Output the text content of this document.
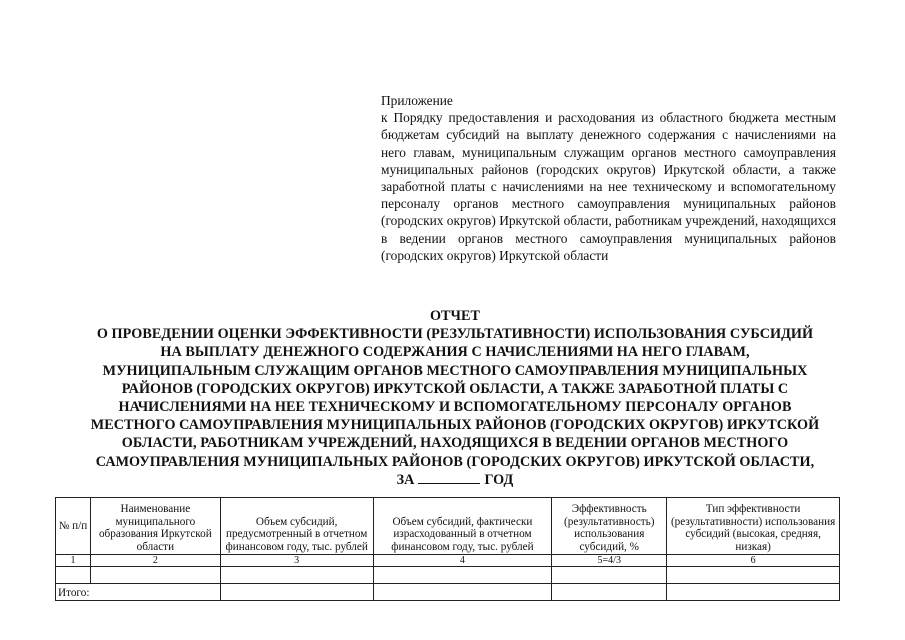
Приложение
к Порядку предоставления и расходования из областного бюджета местным бюджетам субсидий на выплату денежного содержания с начислениями на него главам, муниципальным служащим органов местного самоуправления муниципальных районов (городских округов) Иркутской области, а также заработной платы с начислениями на нее техническому и вспомогательному персоналу органов местного самоуправления муниципальных районов (городских округов) Иркутской области, работникам учреждений, находящихся в ведении органов местного самоуправления муниципальных районов (городских округов) Иркутской области
ОТЧЕТ
О ПРОВЕДЕНИИ ОЦЕНКИ ЭФФЕКТИВНОСТИ (РЕЗУЛЬТАТИВНОСТИ) ИСПОЛЬЗОВАНИЯ СУБСИДИЙ
НА ВЫПЛАТУ ДЕНЕЖНОГО СОДЕРЖАНИЯ С НАЧИСЛЕНИЯМИ НА НЕГО ГЛАВАМ,
МУНИЦИПАЛЬНЫМ СЛУЖАЩИМ ОРГАНОВ МЕСТНОГО САМОУПРАВЛЕНИЯ МУНИЦИПАЛЬНЫХ
РАЙОНОВ (ГОРОДСКИХ ОКРУГОВ) ИРКУТСКОЙ ОБЛАСТИ, А ТАКЖЕ ЗАРАБОТНОЙ ПЛАТЫ С
НАЧИСЛЕНИЯМИ НА НЕЕ ТЕХНИЧЕСКОМУ И ВСПОМОГАТЕЛЬНОМУ ПЕРСОНАЛУ ОРГАНОВ
МЕСТНОГО САМОУПРАВЛЕНИЯ МУНИЦИПАЛЬНЫХ РАЙОНОВ (ГОРОДСКИХ ОКРУГОВ) ИРКУТСКОЙ
ОБЛАСТИ, РАБОТНИКАМ УЧРЕЖДЕНИЙ, НАХОДЯЩИХСЯ В ВЕДЕНИИ ОРГАНОВ МЕСТНОГО
САМОУПРАВЛЕНИЯ МУНИЦИПАЛЬНЫХ РАЙОНОВ (ГОРОДСКИХ ОКРУГОВ) ИРКУТСКОЙ ОБЛАСТИ,
ЗА	ГОД
№ п/п	Наименование муниципального образования Иркутской области	Объем субсидий, предусмотренный в отчетном финансовом году, тыс. рублей	Объем субсидий, фактически израсходованный в отчетном финансовом году, тыс. рублей	Эффективность (результативность) использования субсидий, %	Тип эффективности (результативности) использования субсидий (высокая, средняя, низкая)
1	2	3	4	5=4/3	6

Итого:					
